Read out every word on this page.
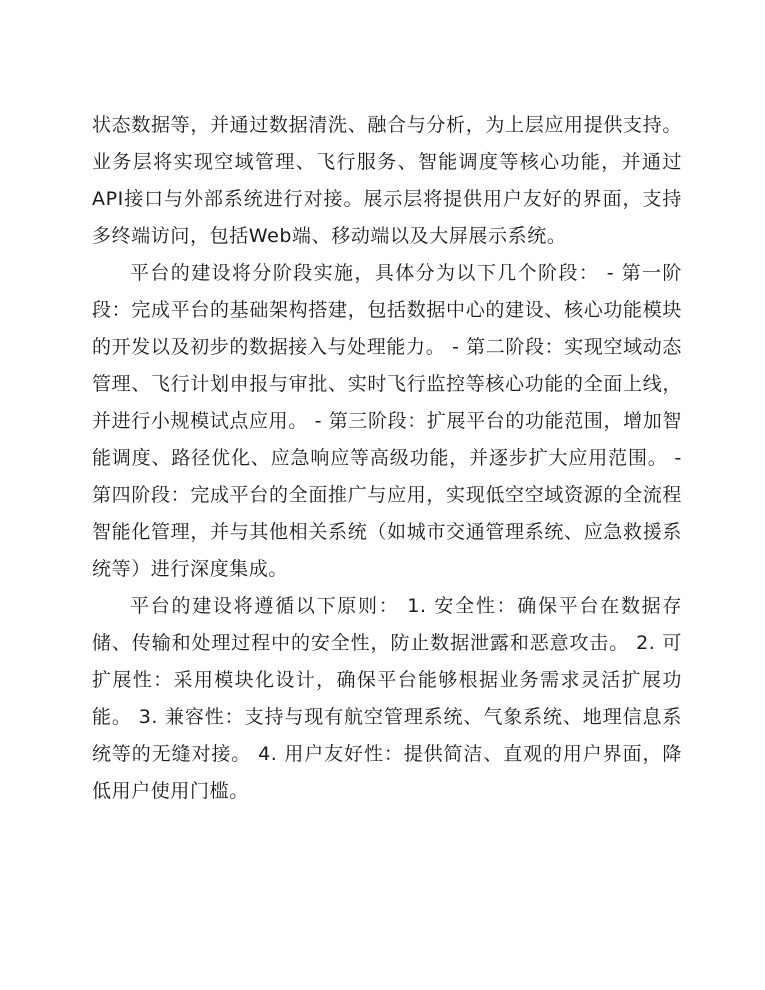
状态数据等，并通过数据清洗、融合与分析，为上层应用提供支持。业务层将实现空域管理、飞行服务、智能调度等核心功能，并通过API接口与外部系统进行对接。展示层将提供用户友好的界面，支持多终端访问，包括Web端、移动端以及大屏展示系统。

平台的建设将分阶段实施，具体分为以下几个阶段： - 第一阶段：完成平台的基础架构搭建，包括数据中心的建设、核心功能模块的开发以及初步的数据接入与处理能力。 - 第二阶段：实现空域动态管理、飞行计划申报与审批、实时飞行监控等核心功能的全面上线，并进行小规模试点应用。 - 第三阶段：扩展平台的功能范围，增加智能调度、路径优化、应急响应等高级功能，并逐步扩大应用范围。 - 第四阶段：完成平台的全面推广与应用，实现低空空域资源的全流程智能化管理，并与其他相关系统（如城市交通管理系统、应急救援系统等）进行深度集成。

平台的建设将遵循以下原则： 1. 安全性：确保平台在数据存储、传输和处理过程中的安全性，防止数据泄露和恶意攻击。 2. 可扩展性：采用模块化设计，确保平台能够根据业务需求灵活扩展功能。 3. 兼容性：支持与现有航空管理系统、气象系统、地理信息系统等的无缝对接。 4. 用户友好性：提供简洁、直观的用户界面，降低用户使用门槛。
